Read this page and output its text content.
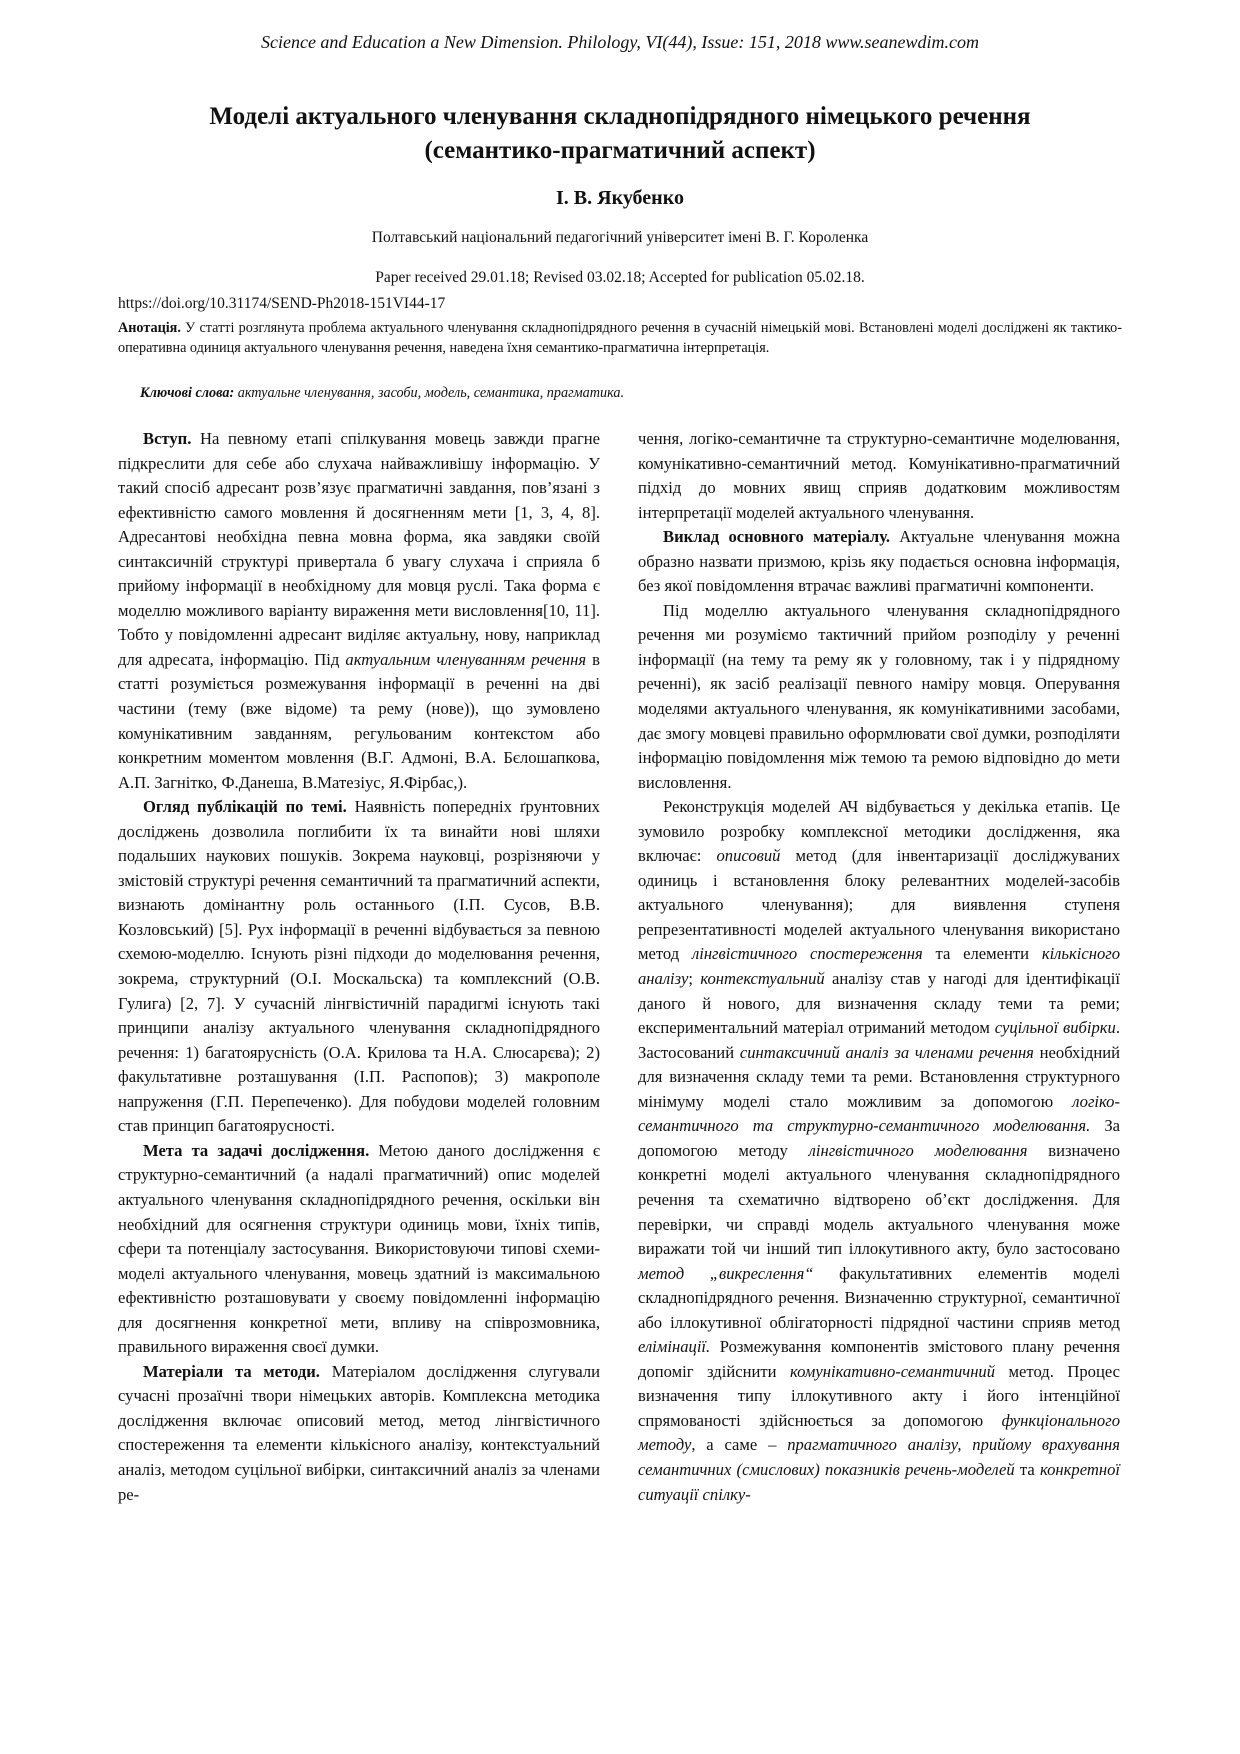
Science and Education a New Dimension. Philology, VI(44), Issue: 151, 2018 www.seanewdim.com
Моделі актуального членування складнопідрядного німецького речення
(семантико-прагматичний аспект)
І. В. Якубенко
Полтавський національний педагогічний університет імені В. Г. Короленка
Paper received 29.01.18; Revised 03.02.18; Accepted for publication 05.02.18.
https://doi.org/10.31174/SEND-Ph2018-151VI44-17
Анотація. У статті розглянута проблема актуального членування складнопідрядного речення в сучасній німецькій мові. Встановлені моделі досліджені як тактико-оперативна одиниця актуального членування речення, наведена їхня семантико-прагматична інтерпретація.
Ключові слова: актуальне членування, засоби, модель, семантика, прагматика.

Вступ. На певному етапі спілкування мовець завжди прагне підкреслити для себе або слухача найважливішу інформацію. У такий спосіб адресант розв’язує прагматичні завдання, пов’язані з ефективністю самого мовлення й досягненням мети [1, 3, 4, 8]. Адресантові необхідна певна мовна форма, яка завдяки своїй синтаксичній структурі привертала б увагу слухача і сприяла б прийому інформації в необхідному для мовця руслі. Така форма є моделлю можливого варіанту вираження мети висловлення[10, 11]. Тобто у повідомленні адресант виділяє актуальну, нову, наприклад для адресата, інформацію. Під актуальним членуванням речення в статті розуміється розмежування інформації в реченні на дві частини (тему (вже відоме) та рему (нове)), що зумовлено комунікативним завданням, регульованим контекстом або конкретним моментом мовлення (В.Г. Адмоні, В.А. Бєлошапкова, А.П. Загнітко, Ф.Данеша, В.Матезіус, Я.Фірбас,).

Огляд публікацій по темі. Наявність попередніх ґрунтовних досліджень дозволила поглибити їх та винайти нові шляхи подальших наукових пошуків. Зокрема науковці, розрізняючи у змістовій структурі речення семантичний та прагматичний аспекти, визнають домінантну роль останнього (І.П. Сусов, В.В. Козловський) [5]. Рух інформації в реченні відбувається за певною схемою-моделлю. Існують різні підходи до моделювання речення, зокрема, структурний (О.І. Москальска) та комплексний (О.В. Гулига) [2, 7]. У сучасній лінгвістичній парадигмі існують такі принципи аналізу актуального членування складнопідрядного речення: 1) багатоярусність (О.А. Крилова та Н.А. Слюсарєва); 2) факультативне розташування (І.П. Распопов); 3) макрополе напруження (Г.П. Перепеченко). Для побудови моделей головним став принцип багатоярусності.

Мета та задачі дослідження. Метою даного дослідження є структурно-семантичний (а надалі прагматичний) опис моделей актуального членування складнопідрядного речення, оскільки він необхідний для осягнення структури одиниць мови, їхніх типів, сфери та потенціалу застосування. Використовуючи типові схеми-моделі актуального членування, мовець здатний із максимальною ефективністю розташовувати у своєму повідомленні інформацію для досягнення конкретної мети, впливу на співрозмовника, правильного вираження своєї думки.

Матеріали та методи. Матеріалом дослідження слугували сучасні прозаїчні твори німецьких авторів. Комплексна методика дослідження включає описовий метод, метод лінгвістичного спостереження та елементи кількісного аналізу, контекстуальний аналіз, методом суцільної вибірки, синтаксичний аналіз за членами ре-

чення, логіко-семантичне та структурно-семантичне моделювання, комунікативно-семантичний метод. Комунікативно-прагматичний підхід до мовних явищ сприяв додатковим можливостям інтерпретації моделей актуального членування.

Виклад основного матеріалу. Актуальне членування можна образно назвати призмою, крізь яку подається основна інформація, без якої повідомлення втрачає важливі прагматичні компоненти.

Під моделлю актуального членування складнопідрядного речення ми розуміємо тактичний прийом розподілу у реченні інформації (на тему та рему як у головному, так і у підрядному реченні), як засіб реалізації певного наміру мовця. Оперування моделями актуального членування, як комунікативними засобами, дає змогу мовцеві правильно оформлювати свої думки, розподіляти інформацію повідомлення між темою та ремою відповідно до мети висловлення.

Реконструкція моделей АЧ відбувається у декілька етапів. Це зумовило розробку комплексної методики дослідження, яка включає: описовий метод (для інвентаризації досліджуваних одиниць і встановлення блоку релевантних моделей-засобів актуального членування); для виявлення ступеня репрезентативності моделей актуального членування використано метод лінгвістичного спостереження та елементи кількісного аналізу; контекстуальний аналізу став у нагоді для ідентифікації даного й нового, для визначення складу теми та реми; експериментальний матеріал отриманий методом суцільної вибірки. Застосований синтаксичний аналіз за членами речення необхідний для визначення складу теми та реми. Встановлення структурного мінімуму моделі стало можливим за допомогою логіко-семантичного та структурно-семантичного моделювання. За допомогою методу лінгвістичного моделювання визначено конкретні моделі актуального членування складнопідрядного речення та схематично відтворено об’єкт дослідження. Для перевірки, чи справді модель актуального членування може виражати той чи інший тип іллокутивного акту, було застосовано метод „викреслення“ факультативних елементів моделі складнопідрядного речення. Визначенню структурної, семантичної або іллокутивної облігаторності підрядної частини сприяв метод елімінації. Розмежування компонентів змістового плану речення допоміг здійснити комунікативно-семантичний метод. Процес визначення типу іллокутивного акту і його інтенційної спрямованості здійснюється за допомогою функціонального методу, а саме – прагматичного аналізу, прийому врахування семантичних (смислових) показників речень-моделей та конкретної ситуації спілку-
